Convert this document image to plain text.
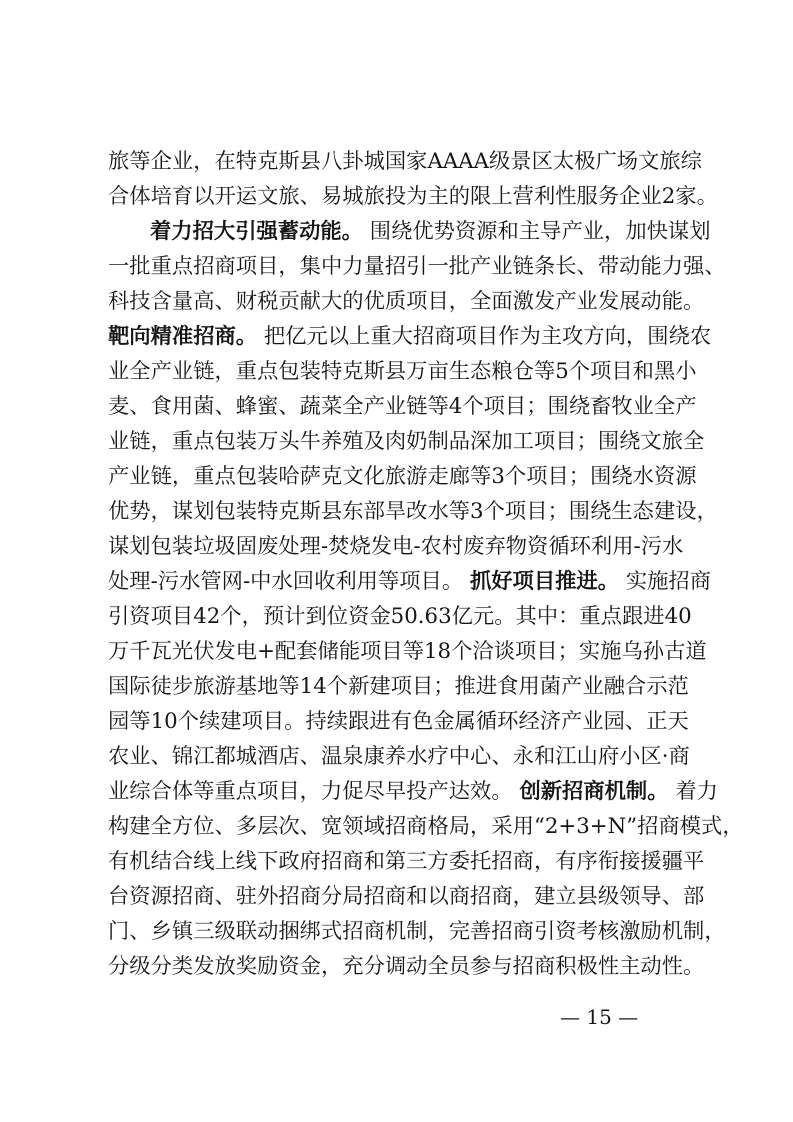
旅等企业，在特克斯县八卦城国家AAAA级景区太极广场文旅综
合体培育以开运文旅、易城旅投为主的限上营利性服务企业2家。
着力招大引强蓄动能。 围绕优势资源和主导产业，加快谋划
一批重点招商项目，集中力量招引一批产业链条长、带动能力强、
科技含量高、财税贡献大的优质项目，全面激发产业发展动能。
靶向精准招商。 把亿元以上重大招商项目作为主攻方向，围绕农
业全产业链，重点包装特克斯县万亩生态粮仓等5个项目和黑小
麦、食用菌、蜂蜜、蔬菜全产业链等4个项目；围绕畜牧业全产
业链，重点包装万头牛养殖及肉奶制品深加工项目；围绕文旅全
产业链，重点包装哈萨克文化旅游走廊等3个项目；围绕水资源
优势，谋划包装特克斯县东部旱改水等3个项目；围绕生态建设，
谋划包装垃圾固废处理-焚烧发电-农村废弃物资循环利用-污水
处理-污水管网-中水回收利用等项目。 抓好项目推进。 实施招商
引资项目42个，预计到位资金50.63亿元。其中：重点跟进40
万千瓦光伏发电+配套储能项目等18个洽谈项目；实施乌孙古道
国际徒步旅游基地等14个新建项目；推进食用菌产业融合示范
园等10个续建项目。持续跟进有色金属循环经济产业园、正天
农业、锦江都城酒店、温泉康养水疗中心、永和江山府小区·商
业综合体等重点项目，力促尽早投产达效。 创新招商机制。 着力
构建全方位、多层次、宽领域招商格局，采用“2+3+N”招商模式，
有机结合线上线下政府招商和第三方委托招商，有序衔接援疆平
台资源招商、驻外招商分局招商和以商招商，建立县级领导、部
门、乡镇三级联动捆绑式招商机制，完善招商引资考核激励机制，
分级分类发放奖励资金，充分调动全员参与招商积极性主动性。
— 15 —
